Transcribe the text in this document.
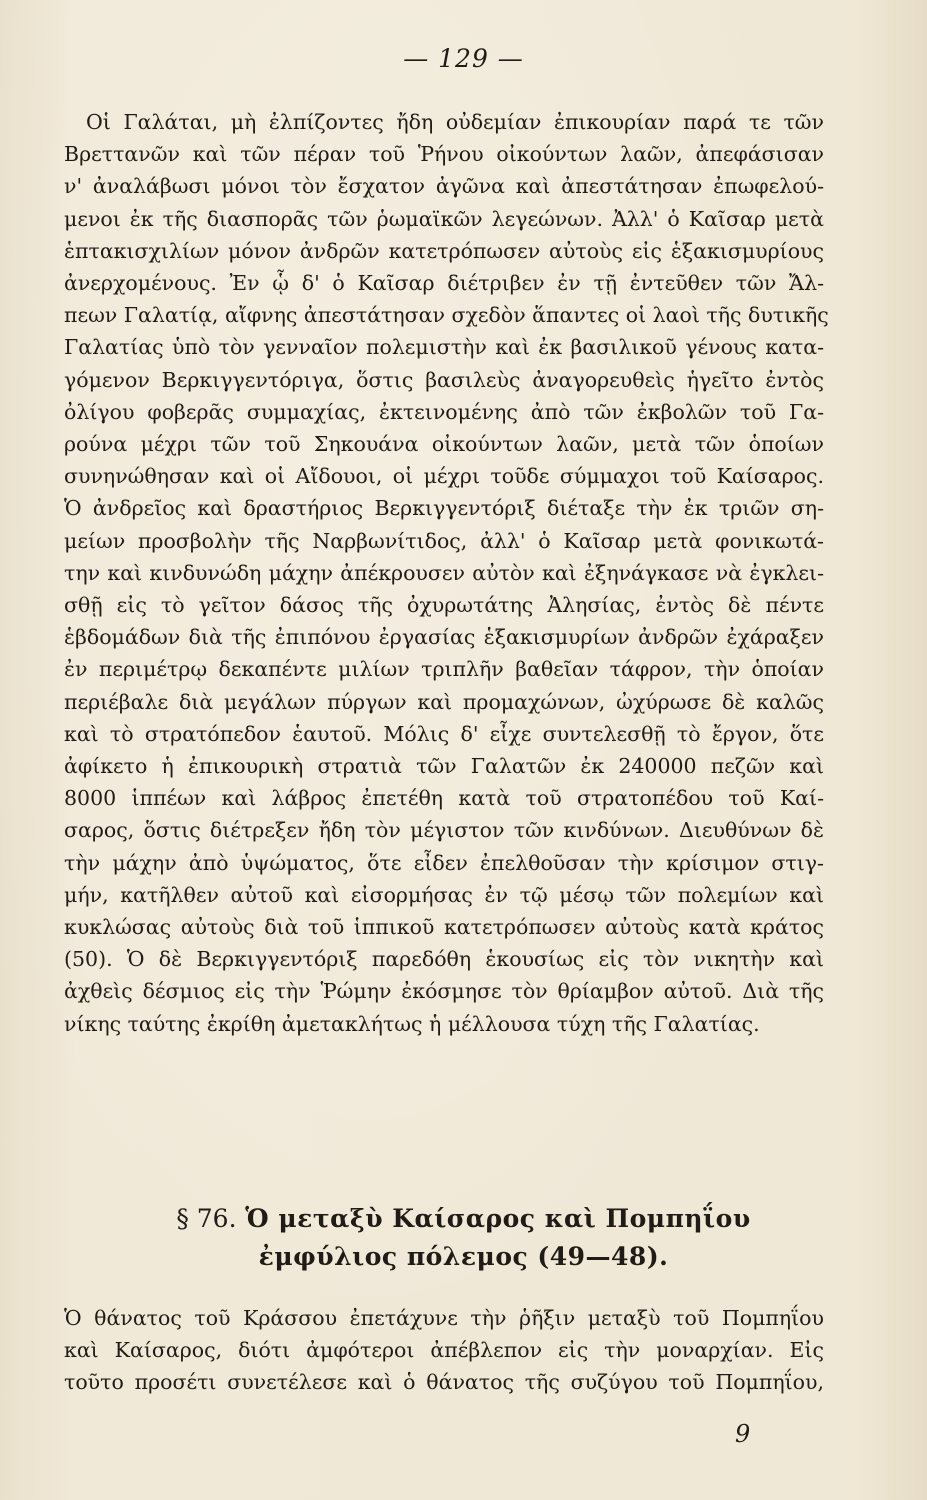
— 129 —
Οἱ Γαλάται, μὴ ἐλπίζοντες ἤδη οὐδεμίαν ἐπικουρίαν παρά τε τῶν
Βρεττανῶν καὶ τῶν πέραν τοῦ Ῥήνου οἰκούντων λαῶν, ἀπεφάσισαν
ν' ἀναλάβωσι μόνοι τὸν ἔσχατον ἀγῶνα καὶ ἀπεστάτησαν ἐπωφελού-
μενοι ἐκ τῆς διασπορᾶς τῶν ῥωμαϊκῶν λεγεώνων. Ἀλλ' ὁ Καῖσαρ μετὰ
ἑπτακισχιλίων μόνον ἀνδρῶν κατετρόπωσεν αὐτοὺς εἰς ἑξακισμυρίους
ἀνερχομένους. Ἐν ᾧ δ' ὁ Καῖσαρ διέτριβεν ἐν τῇ ἐντεῦθεν τῶν Ἄλ-
πεων Γαλατίᾳ, αἴφνης ἀπεστάτησαν σχεδὸν ἅπαντες οἱ λαοὶ τῆς δυτικῆς
Γαλατίας ὑπὸ τὸν γενναῖον πολεμιστὴν καὶ ἐκ βασιλικοῦ γένους κατα-
γόμενον Βερκιγγεντόριγα, ὅστις βασιλεὺς ἀναγορευθεὶς ἡγεῖτο ἐντὸς
ὀλίγου φοβερᾶς συμμαχίας, ἐκτεινομένης ἀπὸ τῶν ἐκβολῶν τοῦ Γα-
ρούνα μέχρι τῶν τοῦ Σηκουάνα οἰκούντων λαῶν, μετὰ τῶν ὁποίων
συνηνώθησαν καὶ οἱ Αἴδουοι, οἱ μέχρι τοῦδε σύμμαχοι τοῦ Καίσαρος.
Ὁ ἀνδρεῖος καὶ δραστήριος Βερκιγγεντόριξ διέταξε τὴν ἐκ τριῶν ση-
μείων προσβολὴν τῆς Ναρβωνίτιδος, ἀλλ' ὁ Καῖσαρ μετὰ φονικωτά-
την καὶ κινδυνώδη μάχην ἀπέκρουσεν αὐτὸν καὶ ἐξηνάγκασε νὰ ἐγκλει-
σθῇ εἰς τὸ γεῖτον δάσος τῆς ὀχυρωτάτης Ἀλησίας, ἐντὸς δὲ πέντε
ἑβδομάδων διὰ τῆς ἐπιπόνου ἐργασίας ἑξακισμυρίων ἀνδρῶν ἐχάραξεν
ἐν περιμέτρῳ δεκαπέντε μιλίων τριπλῆν βαθεῖαν τάφρον, τὴν ὁποίαν
περιέβαλε διὰ μεγάλων πύργων καὶ προμαχώνων, ὠχύρωσε δὲ καλῶς
καὶ τὸ στρατόπεδον ἑαυτοῦ. Μόλις δ' εἶχε συντελεσθῇ τὸ ἔργον, ὅτε
ἀφίκετο ἡ ἐπικουρικὴ στρατιὰ τῶν Γαλατῶν ἐκ 240000 πεζῶν καὶ
8000 ἱππέων καὶ λάβρος ἐπετέθη κατὰ τοῦ στρατοπέδου τοῦ Καί-
σαρος, ὅστις διέτρεξεν ἤδη τὸν μέγιστον τῶν κινδύνων. Διευθύνων δὲ
τὴν μάχην ἀπὸ ὑψώματος, ὅτε εἶδεν ἐπελθοῦσαν τὴν κρίσιμον στιγ-
μήν, κατῆλθεν αὐτοῦ καὶ εἰσορμήσας ἐν τῷ μέσῳ τῶν πολεμίων καὶ
κυκλώσας αὐτοὺς διὰ τοῦ ἱππικοῦ κατετρόπωσεν αὐτοὺς κατὰ κράτος
(50). Ὁ δὲ Βερκιγγεντόριξ παρεδόθη ἑκουσίως εἰς τὸν νικητὴν καὶ
ἀχθεὶς δέσμιος εἰς τὴν Ῥώμην ἐκόσμησε τὸν θρίαμβον αὐτοῦ. Διὰ τῆς
νίκης ταύτης ἐκρίθη ἀμετακλήτως ἡ μέλλουσα τύχη τῆς Γαλατίας.
§ 76. Ὁ μεταξὺ Καίσαρος καὶ Πομπηΐου
ἐμφύλιος πόλεμος (49—48).
Ὁ θάνατος τοῦ Κράσσου ἐπετάχυνε τὴν ῥῆξιν μεταξὺ τοῦ Πομπηΐου
καὶ Καίσαρος, διότι ἀμφότεροι ἀπέβλεπον εἰς τὴν μοναρχίαν. Εἰς
τοῦτο προσέτι συνετέλεσε καὶ ὁ θάνατος τῆς συζύγου τοῦ Πομπηΐου,
9
